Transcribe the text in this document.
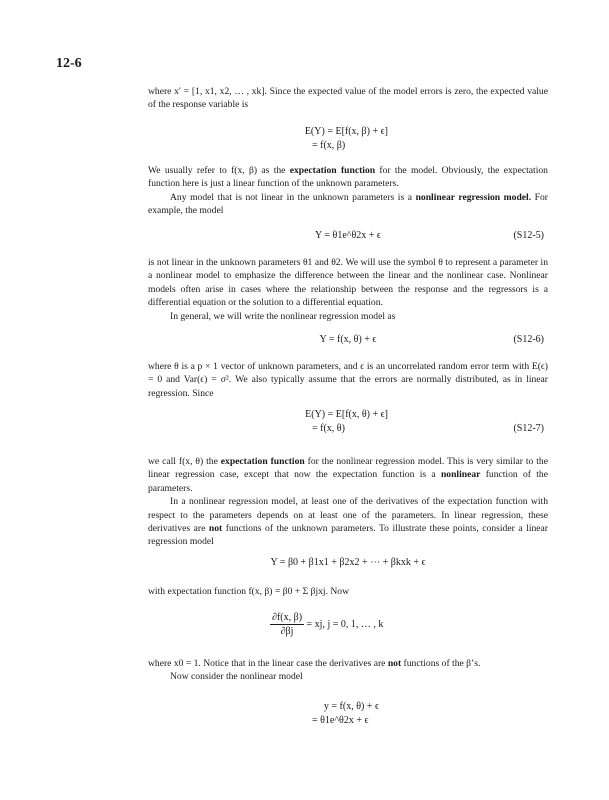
12-6

where x′ = [1, x1, x2, … , xk]. Since the expected value of the model errors is zero, the expected value of the response variable is

E(Y) = E[f(x, β) + ϵ]
= f(x, β)

We usually refer to f(x, β) as the expectation function for the model. Obviously, the expectation function here is just a linear function of the unknown parameters.

Any model that is not linear in the unknown parameters is a nonlinear regression model. For example, the model

Y = θ1e^θ2x + ϵ	(S12-5)

is not linear in the unknown parameters θ1 and θ2. We will use the symbol θ to represent a parameter in a nonlinear model to emphasize the difference between the linear and the nonlinear case. Nonlinear models often arise in cases where the relationship between the response and the regressors is a differential equation or the solution to a differential equation.

In general, we will write the nonlinear regression model as

Y = f(x, θ) + ϵ	(S12-6)

where θ is a p × 1 vector of unknown parameters, and ϵ is an uncorrelated random error term with E(ϵ) = 0 and Var(ϵ) = σ². We also typically assume that the errors are normally distributed, as in linear regression. Since

E(Y) = E[f(x, θ) + ϵ]
= f(x, θ)	(S12-7)

we call f(x, θ) the expectation function for the nonlinear regression model. This is very similar to the linear regression case, except that now the expectation function is a nonlinear function of the parameters.

In a nonlinear regression model, at least one of the derivatives of the expectation function with respect to the parameters depends on at least one of the parameters. In linear regression, these derivatives are not functions of the unknown parameters. To illustrate these points, consider a linear regression model

Y = β0 + β1x1 + β2x2 + ⋯ + βkxk + ϵ

with expectation function f(x, β) = β0 + Σ βjxj. Now

$\frac{\partial f(x, \beta)}{\partial\beta j}$ = xj, j = 0, 1, … , k

where x0 = 1. Notice that in the linear case the derivatives are not functions of the β’s.

Now consider the nonlinear model

y = f(x, θ) + ϵ
= θ1e^θ2x + ϵ
